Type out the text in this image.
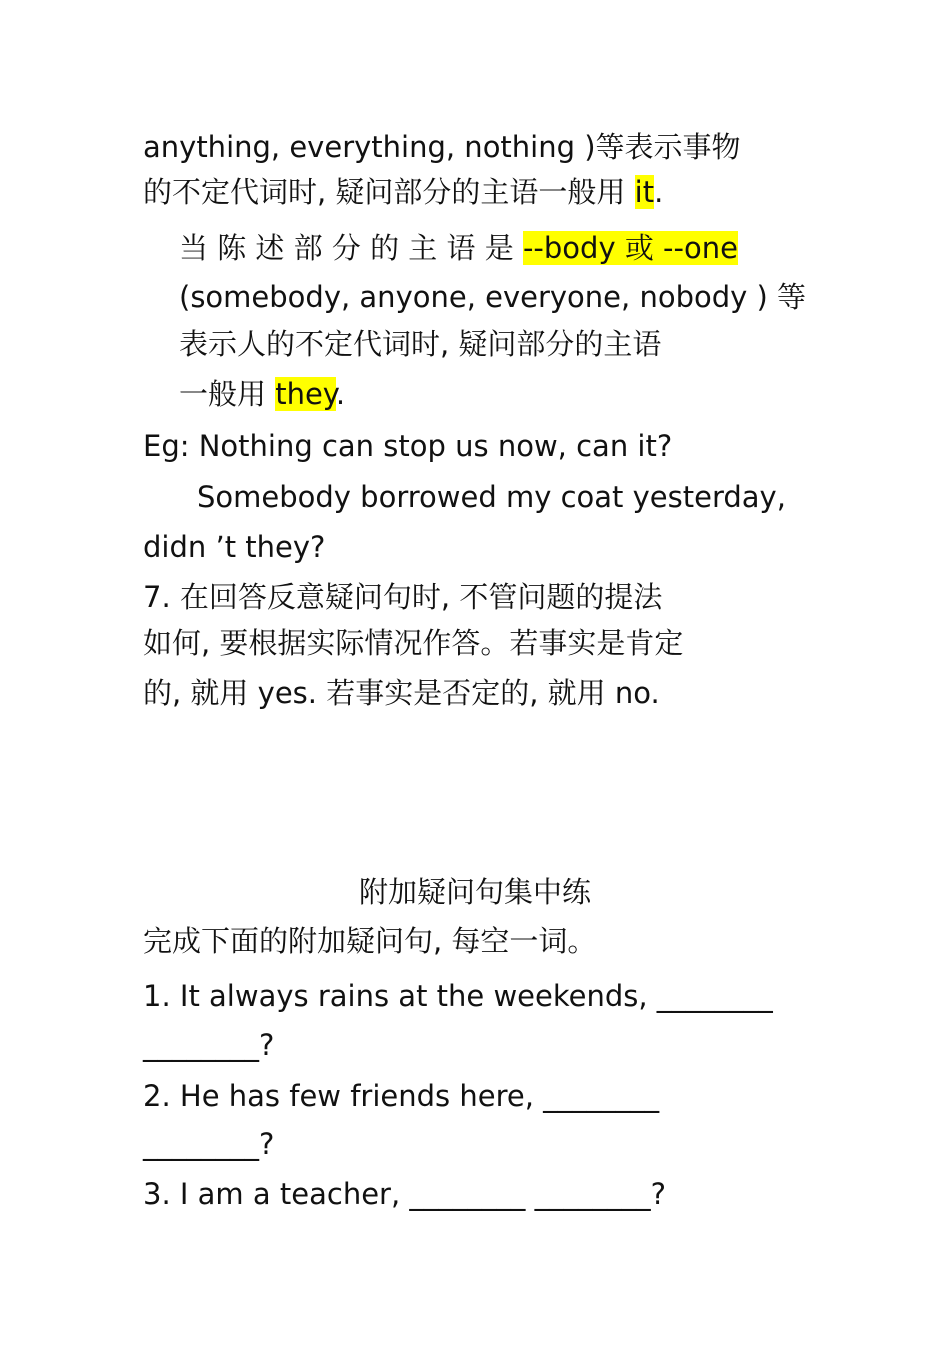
anything, everything, nothing )等表示事物
的不定代词时, 疑问部分的主语一般用 it.
当 陈 述 部 分 的 主 语 是 --body 或 --one
(somebody, anyone, everyone, nobody ) 等
表示人的不定代词时, 疑问部分的主语
一般用 they.
Eg: Nothing can stop us now, can it?
Somebody borrowed my coat yesterday,
didn ’t they?
7. 在回答反意疑问句时, 不管问题的提法
如何, 要根据实际情况作答。若事实是肯定
的, 就用 yes. 若事实是否定的, 就用 no.
附加疑问句集中练
完成下面的附加疑问句, 每空一词。
1. It always rains at the weekends, ________
________?
2. He has few friends here, ________
________?
3. I am a teacher, ________ ________?
